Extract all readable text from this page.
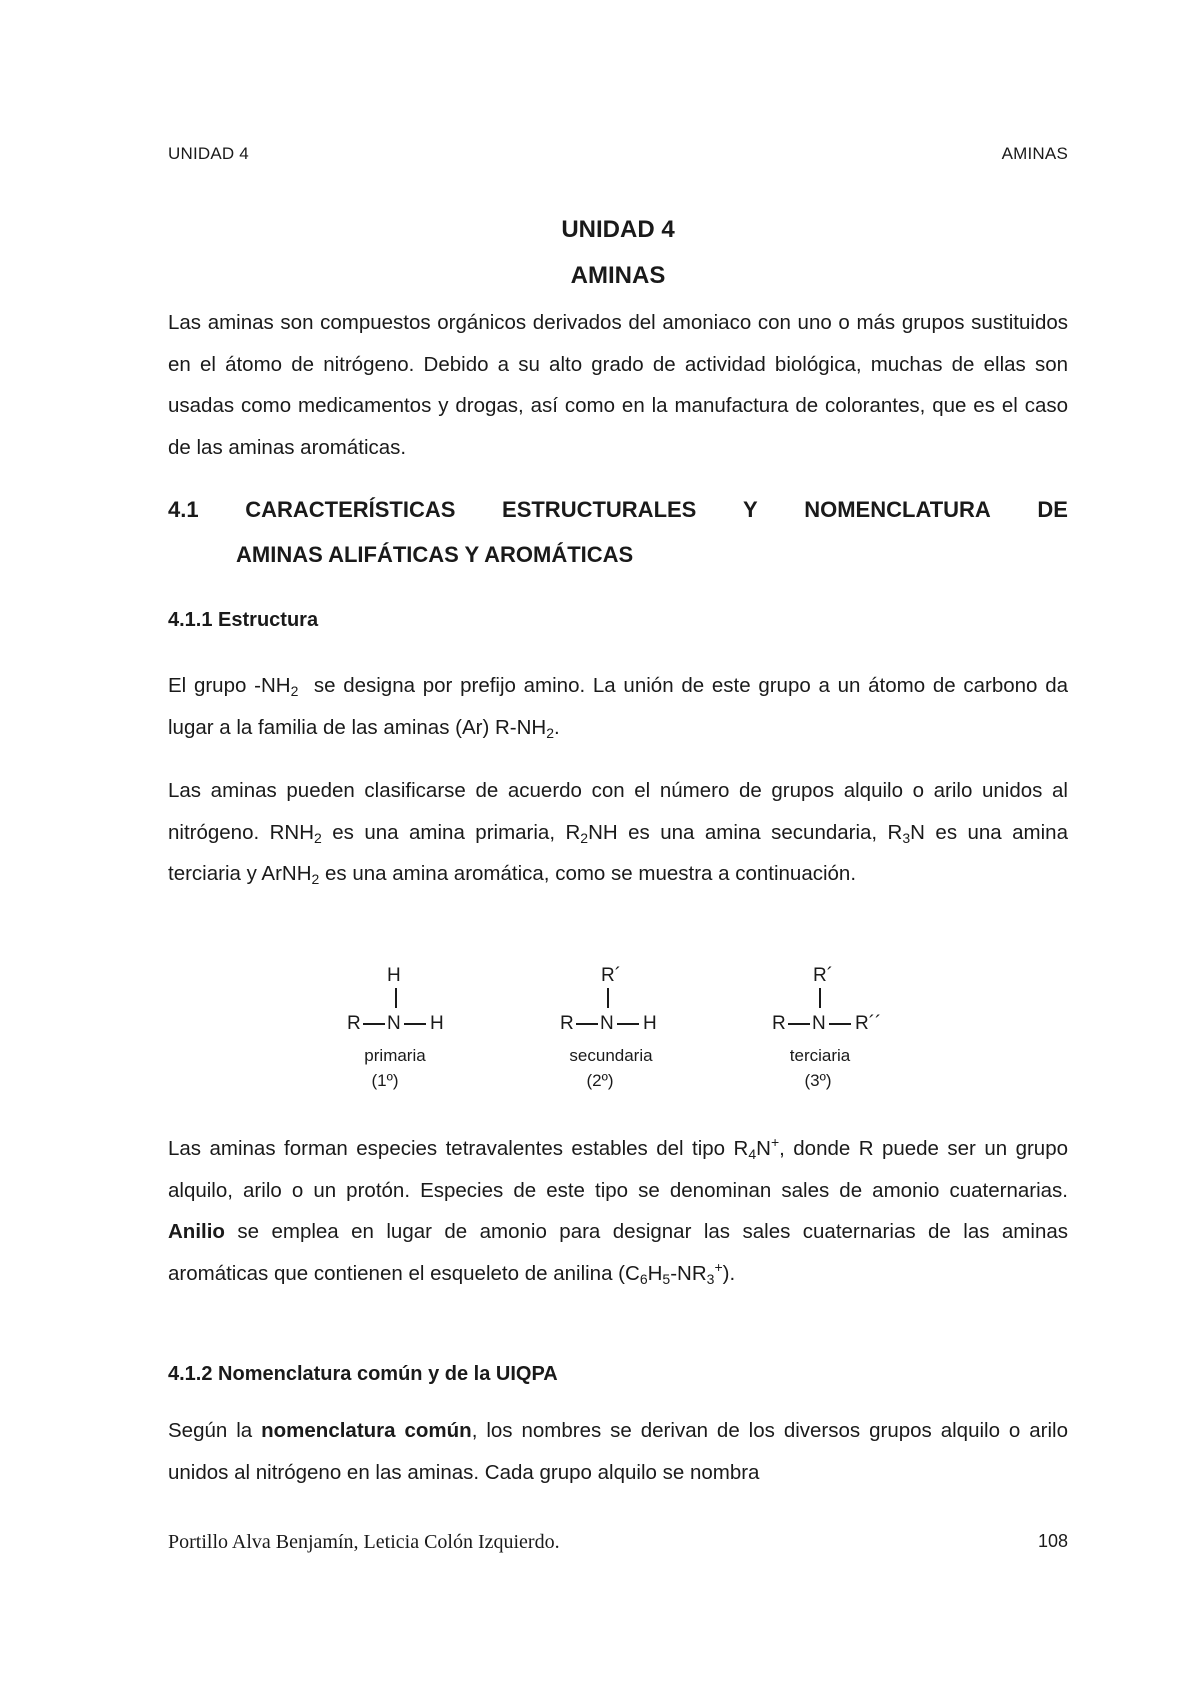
UNIDAD 4	AMINAS
UNIDAD 4
AMINAS

Las aminas son compuestos orgánicos derivados del amoniaco con uno o más grupos sustituidos en el átomo de nitrógeno. Debido a su alto grado de actividad biológica, muchas de ellas son usadas como medicamentos y drogas, así como en la manufactura de colorantes, que es el caso de las aminas aromáticas.

4.1 CARACTERÍSTICAS ESTRUCTURALES Y NOMENCLATURA DE
AMINAS ALIFÁTICAS Y AROMÁTICAS
4.1.1 Estructura

El grupo $-NH_2$  se designa por prefijo amino. La unión de este grupo a un átomo de carbono da lugar a la familia de las aminas (Ar) $R-NH_2$.

Las aminas pueden clasificarse de acuerdo con el número de grupos alquilo o arilo unidos al nitrógeno. $RNH_2$ es una amina primaria, $R_2NH$ es una amina secundaria, $R_3N$ es una amina terciaria y ArNH$_2$ es una amina aromática, como se muestra a continuación.

H
R N H
primaria
(1º)
R´
R N H
secundaria
(2º)
R´
R N R´´
terciaria
(3º)

Las aminas forman especies tetravalentes estables del tipo $R_4N^+$, donde R puede ser un grupo alquilo, arilo o un protón. Especies de este tipo se denominan sales de amonio cuaternarias. Anilio se emplea en lugar de amonio para designar las sales cuaternarias de las aminas aromáticas que contienen el esqueleto de anilina $(C_6H_5-NR_3^+)$.

4.1.2 Nomenclatura común y de la UIQPA

Según la nomenclatura común, los nombres se derivan de los diversos grupos alquilo o arilo unidos al nitrógeno en las aminas. Cada grupo alquilo se nombra

Portillo Alva Benjamín, Leticia Colón Izquierdo.	108
